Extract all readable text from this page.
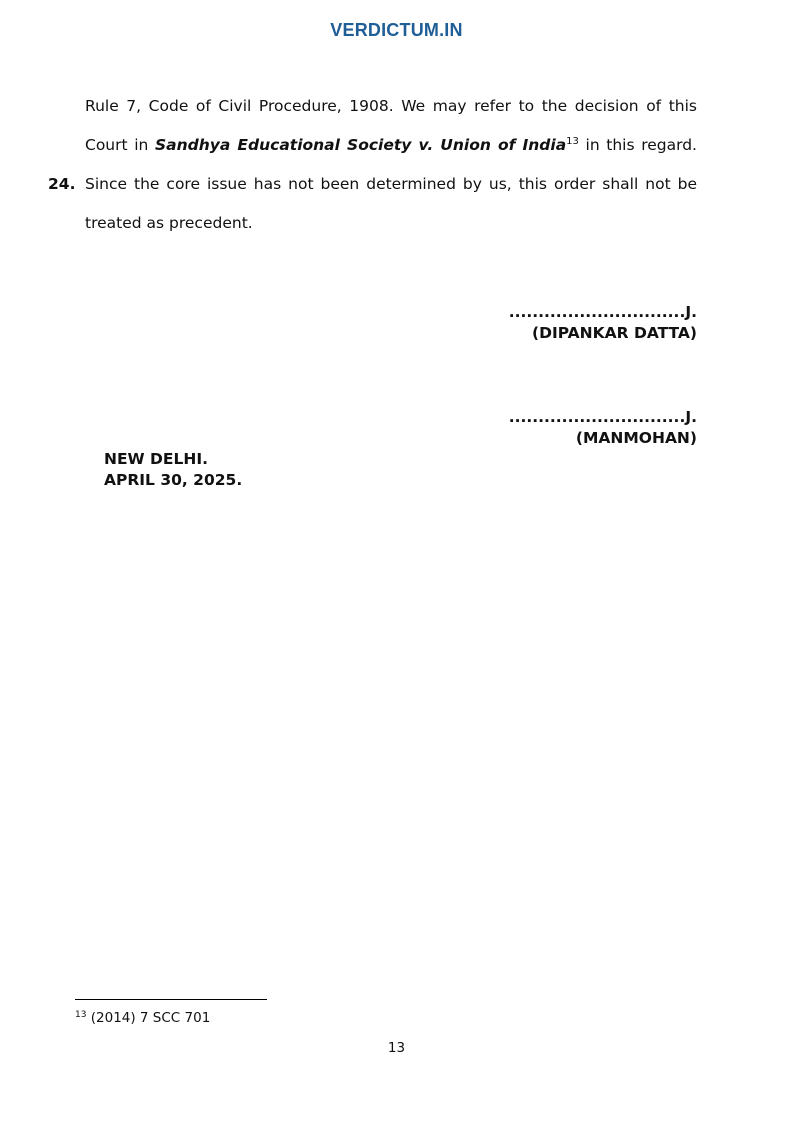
VERDICTUM.IN
Rule 7, Code of Civil Procedure, 1908. We may refer to the decision of this
Court in Sandhya Educational Society v. Union of India$^{13}$ in this regard.
24. Since the core issue has not been determined by us, this order shall not be
treated as precedent.
..............................J.
(DIPANKAR DATTA)
..............................J.
(MANMOHAN)
NEW DELHI.
APRIL 30, 2025.
$^{13}$ (2014) 7 SCC 701
13
